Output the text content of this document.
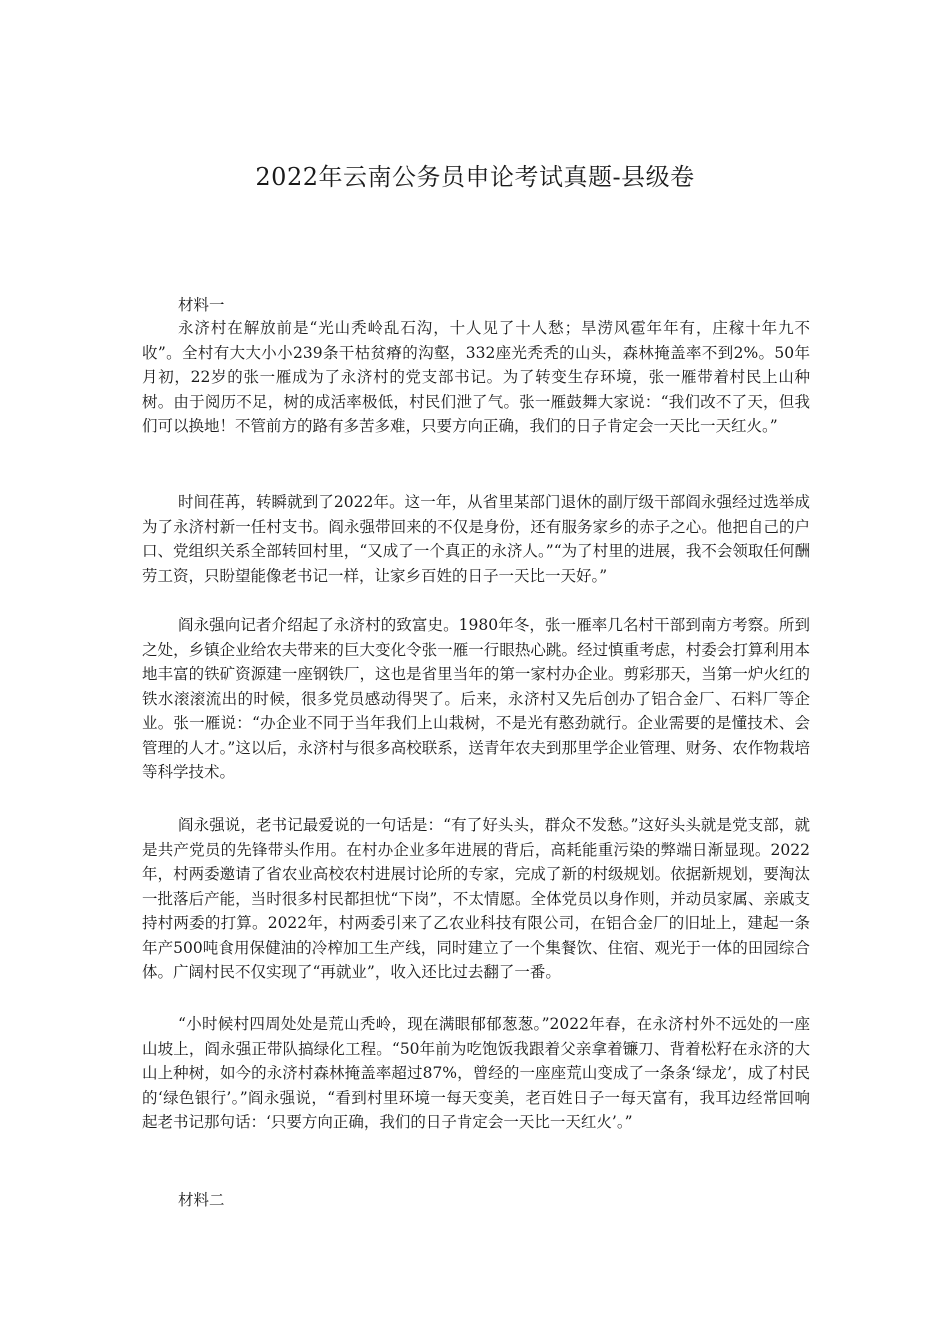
2022年云南公务员申论考试真题-县级卷
材料一
永济村在解放前是“光山秃岭乱石沟，十人见了十人愁；旱涝风雹年年有，庄稼十年九不收”。全村有大大小小239条干枯贫瘠的沟壑，332座光秃秃的山头，森林掩盖率不到2%。50年月初，22岁的张一雁成为了永济村的党支部书记。为了转变生存环境，张一雁带着村民上山种树。由于阅历不足，树的成活率极低，村民们泄了气。张一雁鼓舞大家说：“我们改不了天，但我们可以换地！不管前方的路有多苦多难，只要方向正确，我们的日子肯定会一天比一天红火。”
时间荏苒，转瞬就到了2022年。这一年，从省里某部门退休的副厅级干部阎永强经过选举成为了永济村新一任村支书。阎永强带回来的不仅是身份，还有服务家乡的赤子之心。他把自己的户口、党组织关系全部转回村里，“又成了一个真正的永济人。”“为了村里的进展，我不会领取任何酬劳工资，只盼望能像老书记一样，让家乡百姓的日子一天比一天好。”
阎永强向记者介绍起了永济村的致富史。1980年冬，张一雁率几名村干部到南方考察。所到之处，乡镇企业给农夫带来的巨大变化令张一雁一行眼热心跳。经过慎重考虑，村委会打算利用本地丰富的铁矿资源建一座钢铁厂，这也是省里当年的第一家村办企业。剪彩那天，当第一炉火红的铁水滚滚流出的时候，很多党员感动得哭了。后来，永济村又先后创办了铝合金厂、石料厂等企业。张一雁说：“办企业不同于当年我们上山栽树，不是光有憨劲就行。企业需要的是懂技术、会管理的人才。”这以后，永济村与很多高校联系，送青年农夫到那里学企业管理、财务、农作物栽培等科学技术。
阎永强说，老书记最爱说的一句话是：“有了好头头，群众不发愁。”这好头头就是党支部，就是共产党员的先锋带头作用。在村办企业多年进展的背后，高耗能重污染的弊端日渐显现。2022年，村两委邀请了省农业高校农村进展讨论所的专家，完成了新的村级规划。依据新规划，要淘汰一批落后产能，当时很多村民都担忧“下岗”，不太情愿。全体党员以身作则，并动员家属、亲戚支持村两委的打算。2022年，村两委引来了乙农业科技有限公司，在铝合金厂的旧址上，建起一条年产500吨食用保健油的冷榨加工生产线，同时建立了一个集餐饮、住宿、观光于一体的田园综合体。广阔村民不仅实现了“再就业”，收入还比过去翻了一番。
“小时候村四周处处是荒山秃岭，现在满眼郁郁葱葱。”2022年春，在永济村外不远处的一座山坡上，阎永强正带队搞绿化工程。“50年前为吃饱饭我跟着父亲拿着镰刀、背着松籽在永济的大山上种树，如今的永济村森林掩盖率超过87%，曾经的一座座荒山变成了一条条‘绿龙’，成了村民的‘绿色银行’。”阎永强说，“看到村里环境一每天变美，老百姓日子一每天富有，我耳边经常回响起老书记那句话：‘只要方向正确，我们的日子肯定会一天比一天红火’。”
材料二
